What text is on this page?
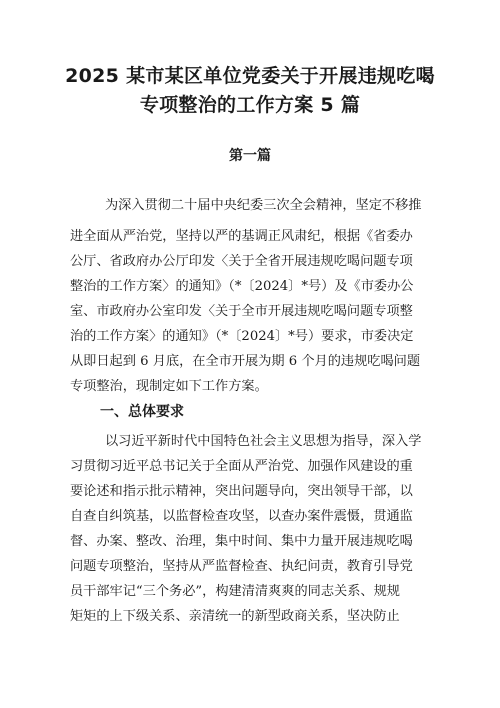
2025 某市某区单位党委关于开展违规吃喝
专项整治的工作方案 5 篇
第一篇
为深入贯彻二十届中央纪委三次全会精神，坚定不移推
进全面从严治党，坚持以严的基调正风肃纪，根据《省委办
公厅、省政府办公厅印发〈关于全省开展违规吃喝问题专项
整治的工作方案〉的通知》（*〔2024〕*号）及《市委办公
室、市政府办公室印发〈关于全市开展违规吃喝问题专项整
治的工作方案〉的通知》（*〔2024〕*号）要求，市委决定
从即日起到 6 月底，在全市开展为期 6 个月的违规吃喝问题
专项整治，现制定如下工作方案。
一、总体要求
以习近平新时代中国特色社会主义思想为指导，深入学
习贯彻习近平总书记关于全面从严治党、加强作风建设的重
要论述和指示批示精神，突出问题导向，突出领导干部，以
自查自纠筑基，以监督检查攻坚，以查办案件震慑，贯通监
督、办案、整改、治理，集中时间、集中力量开展违规吃喝
问题专项整治，坚持从严监督检查、执纪问责，教育引导党
员干部牢记“三个务必”，构建清清爽爽的同志关系、规规
矩矩的上下级关系、亲清统一的新型政商关系，坚决防止
